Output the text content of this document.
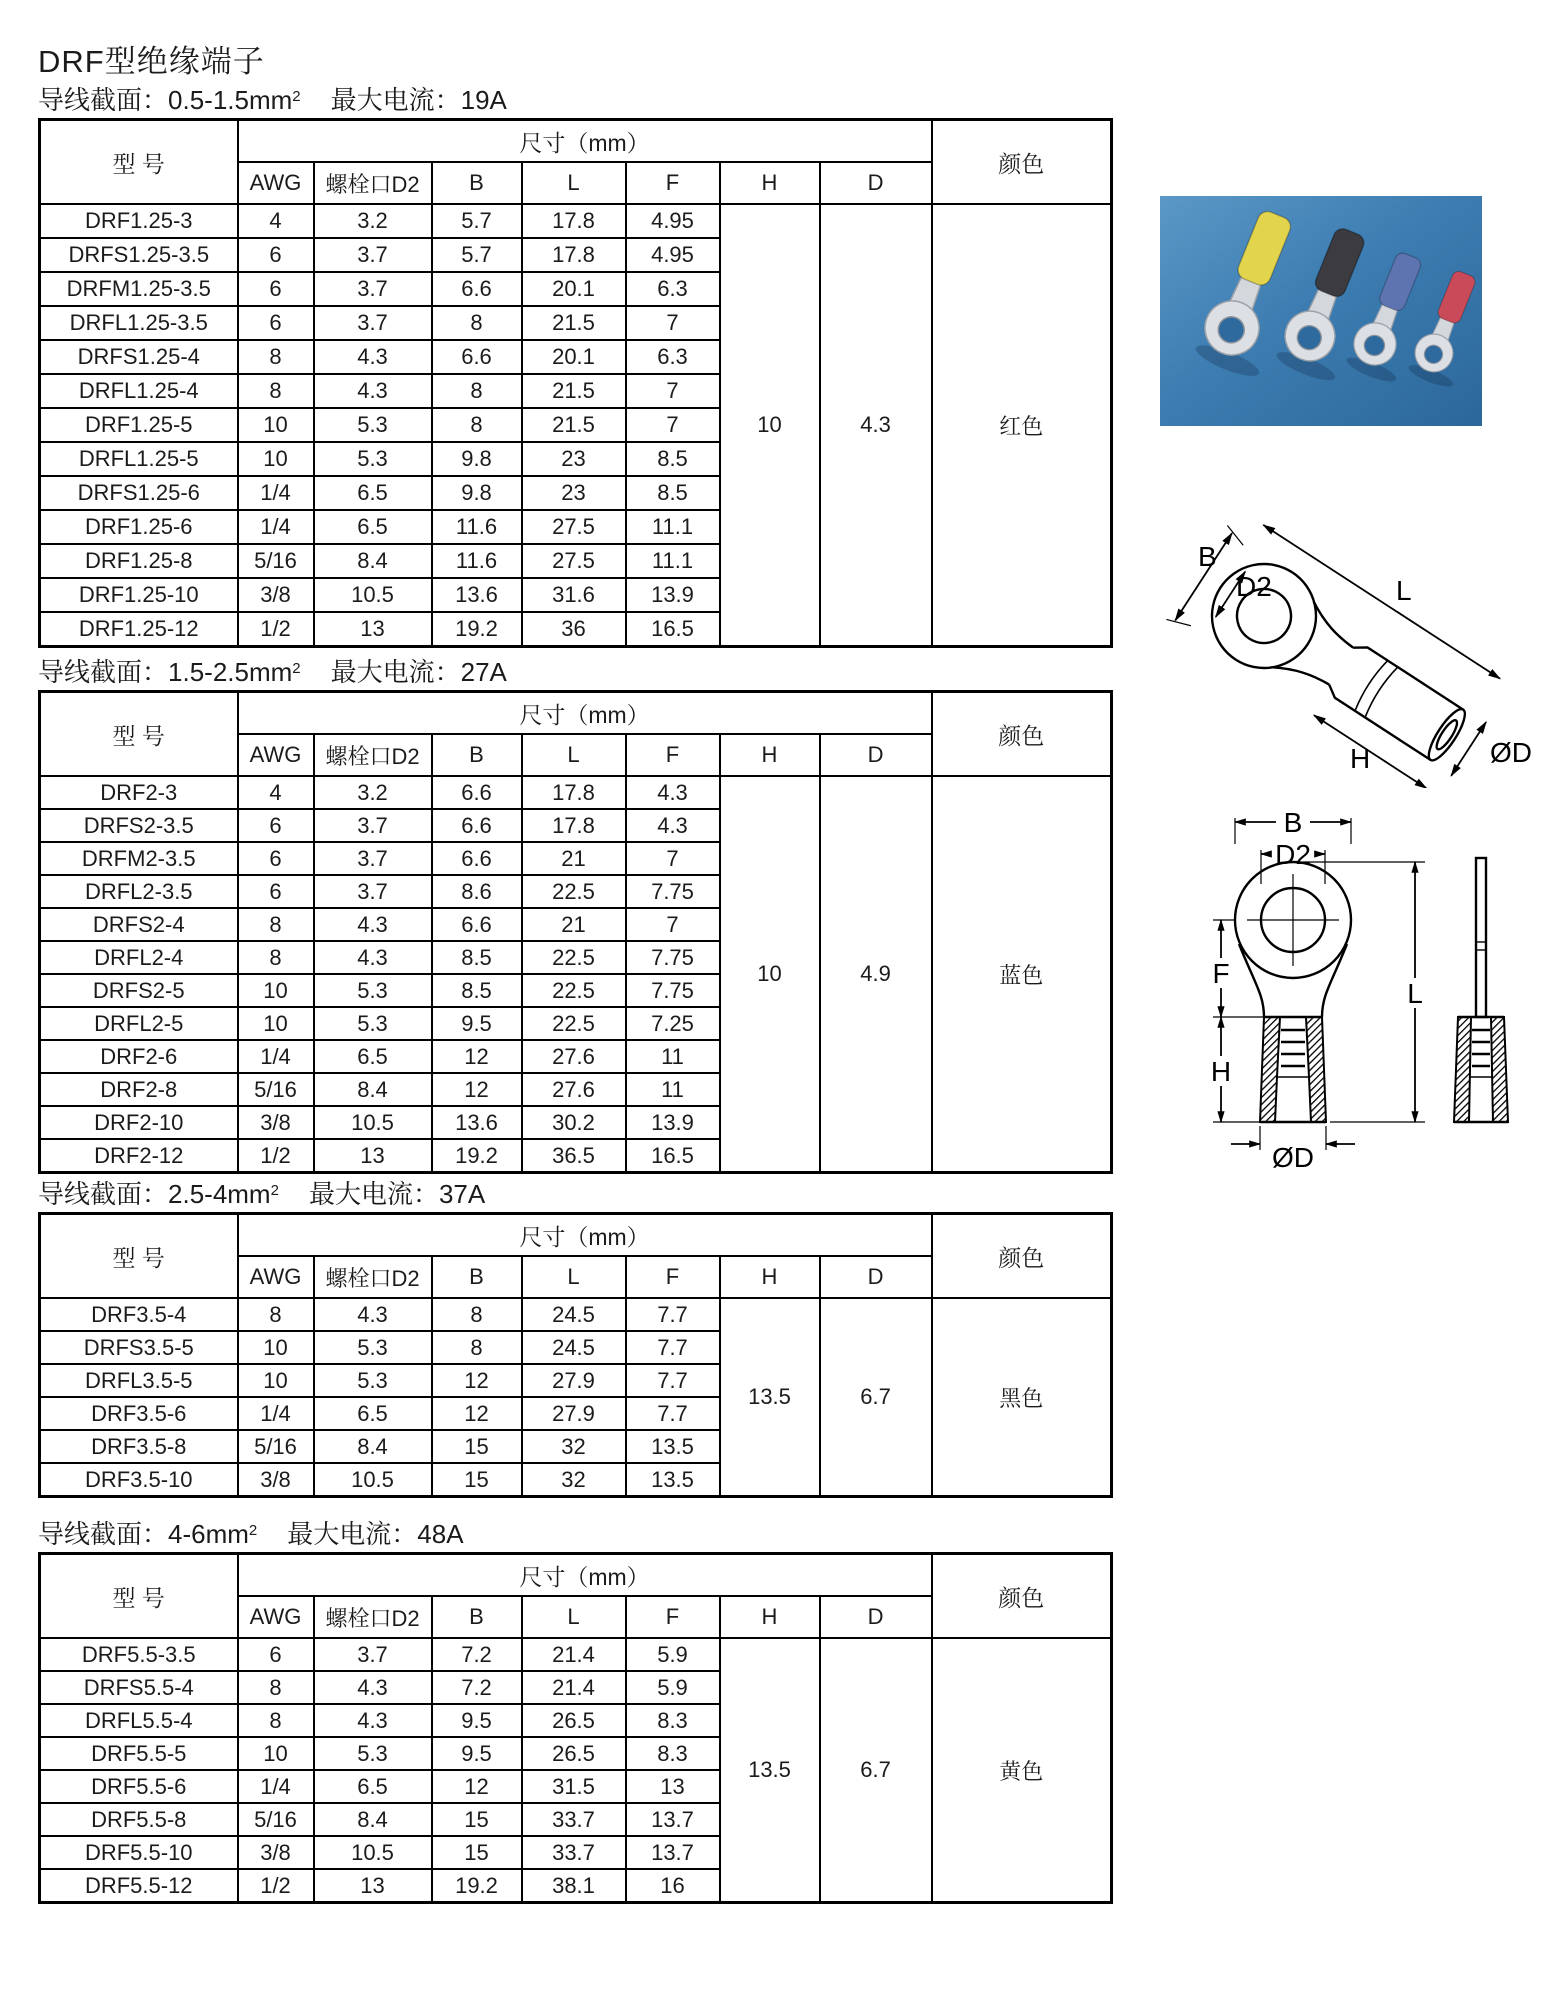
DRF型绝缘端子
导线截面：$0.5-1.5mm^2$ 最大电流：19A
型 号	尺寸（mm）							颜色
	AWG	螺栓口D2	B	L	F	H	D	
DRF1.25-3	4	3.2	5.7	17.8	4.95	10	4.3	红色
DRFS1.25-3.5	6	3.7	5.7	17.8	4.95			
DRFM1.25-3.5	6	3.7	6.6	20.1	6.3			
DRFL1.25-3.5	6	3.7	8	21.5	7			
DRFS1.25-4	8	4.3	6.6	20.1	6.3			
DRFL1.25-4	8	4.3	8	21.5	7			
DRF1.25-5	10	5.3	8	21.5	7			
DRFL1.25-5	10	5.3	9.8	23	8.5			
DRFS1.25-6	1/4	6.5	9.8	23	8.5			
DRF1.25-6	1/4	6.5	11.6	27.5	11.1			
DRF1.25-8	5/16	8.4	11.6	27.5	11.1			
DRF1.25-10	3/8	10.5	13.6	31.6	13.9			
DRF1.25-12	1/2	13	19.2	36	16.5			
导线截面：$1.5-2.5mm^2$ 最大电流：27A
型 号	尺寸（mm）							颜色
	AWG	螺栓口D2	B	L	F	H	D	
DRF2-3	4	3.2	6.6	17.8	4.3	10	4.9	蓝色
DRFS2-3.5	6	3.7	6.6	17.8	4.3			
DRFM2-3.5	6	3.7	6.6	21	7			
DRFL2-3.5	6	3.7	8.6	22.5	7.75			
DRFS2-4	8	4.3	6.6	21	7			
DRFL2-4	8	4.3	8.5	22.5	7.75			
DRFS2-5	10	5.3	8.5	22.5	7.75			
DRFL2-5	10	5.3	9.5	22.5	7.25			
DRF2-6	1/4	6.5	12	27.6	11			
DRF2-8	5/16	8.4	12	27.6	11			
DRF2-10	3/8	10.5	13.6	30.2	13.9			
DRF2-12	1/2	13	19.2	36.5	16.5			
导线截面：$2.5-4mm^2$ 最大电流：37A
型 号	尺寸（mm）							颜色
	AWG	螺栓口D2	B	L	F	H	D	
DRF3.5-4	8	4.3	8	24.5	7.7	13.5	6.7	黑色
DRFS3.5-5	10	5.3	8	24.5	7.7			
DRFL3.5-5	10	5.3	12	27.9	7.7			
DRF3.5-6	1/4	6.5	12	27.9	7.7			
DRF3.5-8	5/16	8.4	15	32	13.5			
DRF3.5-10	3/8	10.5	15	32	13.5			
导线截面：$4-6mm^2$ 最大电流：48A
型 号	尺寸（mm）							颜色
	AWG	螺栓口D2	B	L	F	H	D	
DRF5.5-3.5	6	3.7	7.2	21.4	5.9	13.5	6.7	黄色
DRFS5.5-4	8	4.3	7.2	21.4	5.9			
DRFL5.5-4	8	4.3	9.5	26.5	8.3			
DRF5.5-5	10	5.3	9.5	26.5	8.3			
DRF5.5-6	1/4	6.5	12	31.5	13			
DRF5.5-8	5/16	8.4	15	33.7	13.7			
DRF5.5-10	3/8	10.5	15	33.7	13.7			
DRF5.5-12	1/2	13	19.2	38.1	16			
B
D2	L
H	ØD
B
D2
F
H
L
ØD
